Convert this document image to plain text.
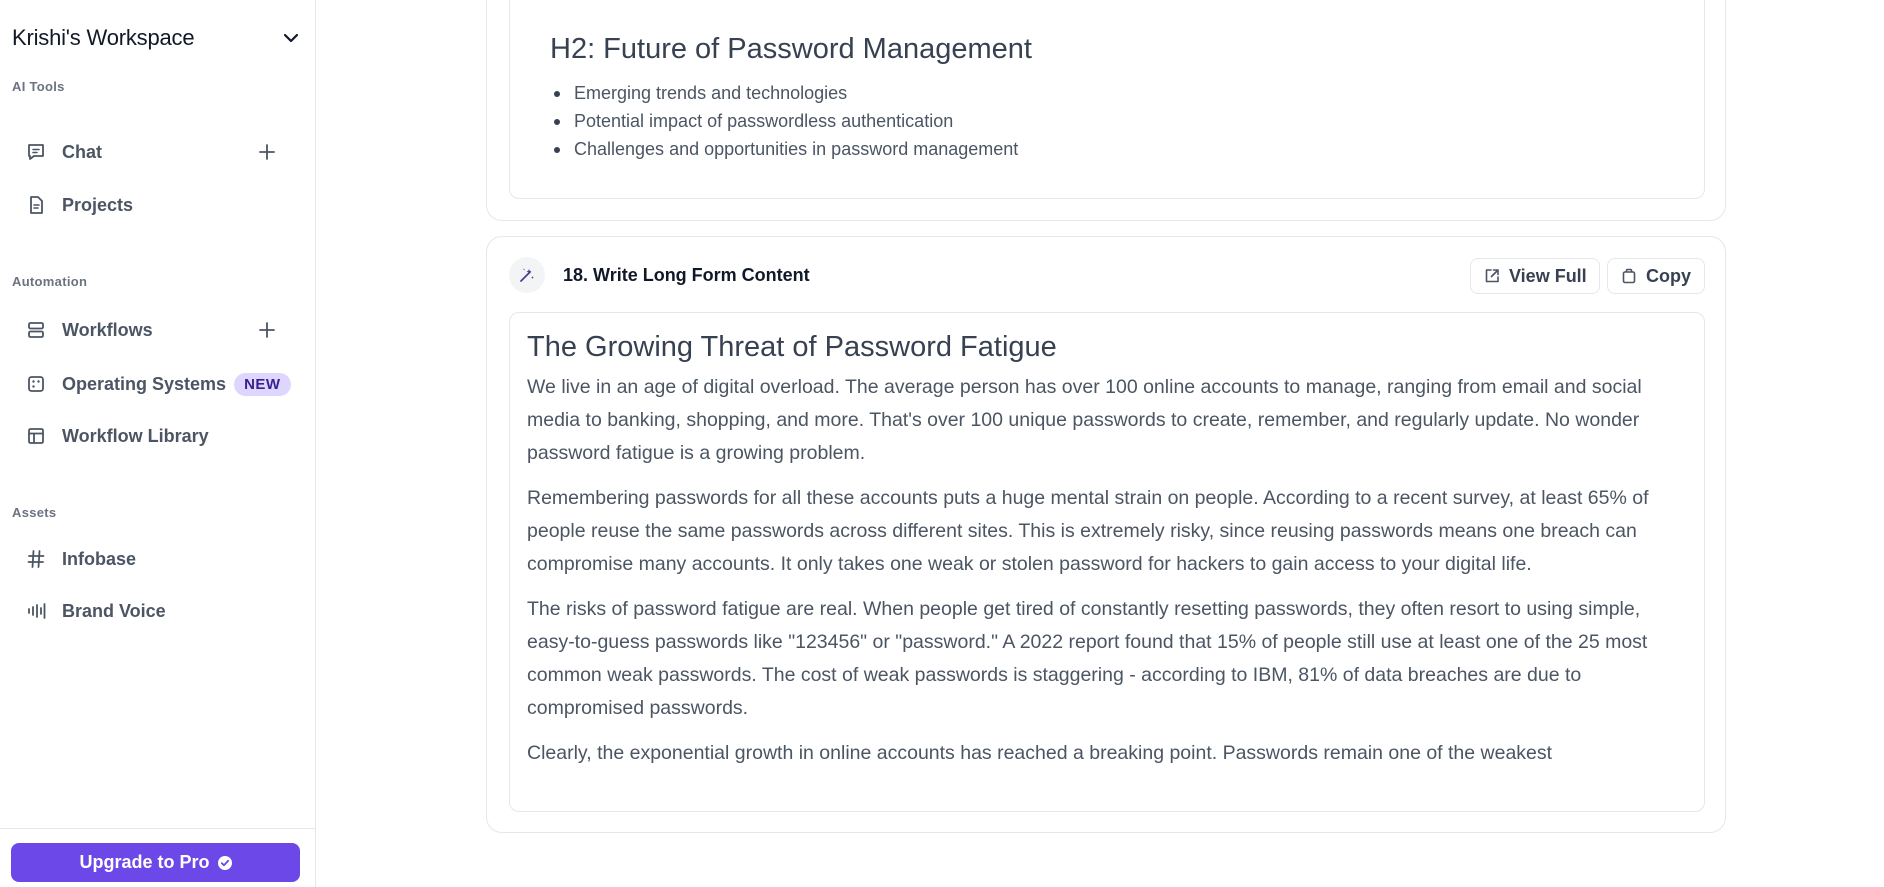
Krishi's Workspace
AI Tools
Chat
Projects
Automation
Workflows
Operating Systems	NEW
Workflow Library
Assets
Infobase
Brand Voice
Upgrade to Pro
H2: Future of Password Management
Emerging trends and technologies
Potential impact of passwordless authentication
Challenges and opportunities in password management
18. Write Long Form Content	View Full	Copy
The Growing Threat of Password Fatigue

We live in an age of digital overload. The average person has over 100 online accounts to manage, ranging from email and social media to banking, shopping, and more. That's over 100 unique passwords to create, remember, and regularly update. No wonder password fatigue is a growing problem.

Remembering passwords for all these accounts puts a huge mental strain on people. According to a recent survey, at least 65% of people reuse the same passwords across different sites. This is extremely risky, since reusing passwords means one breach can compromise many accounts. It only takes one weak or stolen password for hackers to gain access to your digital life.

The risks of password fatigue are real. When people get tired of constantly resetting passwords, they often resort to using simple, easy-to-guess passwords like "123456" or "password." A 2022 report found that 15% of people still use at least one of the 25 most common weak passwords. The cost of weak passwords is staggering - according to IBM, 81% of data breaches are due to compromised passwords.

Clearly, the exponential growth in online accounts has reached a breaking point. Passwords remain one of the weakest
